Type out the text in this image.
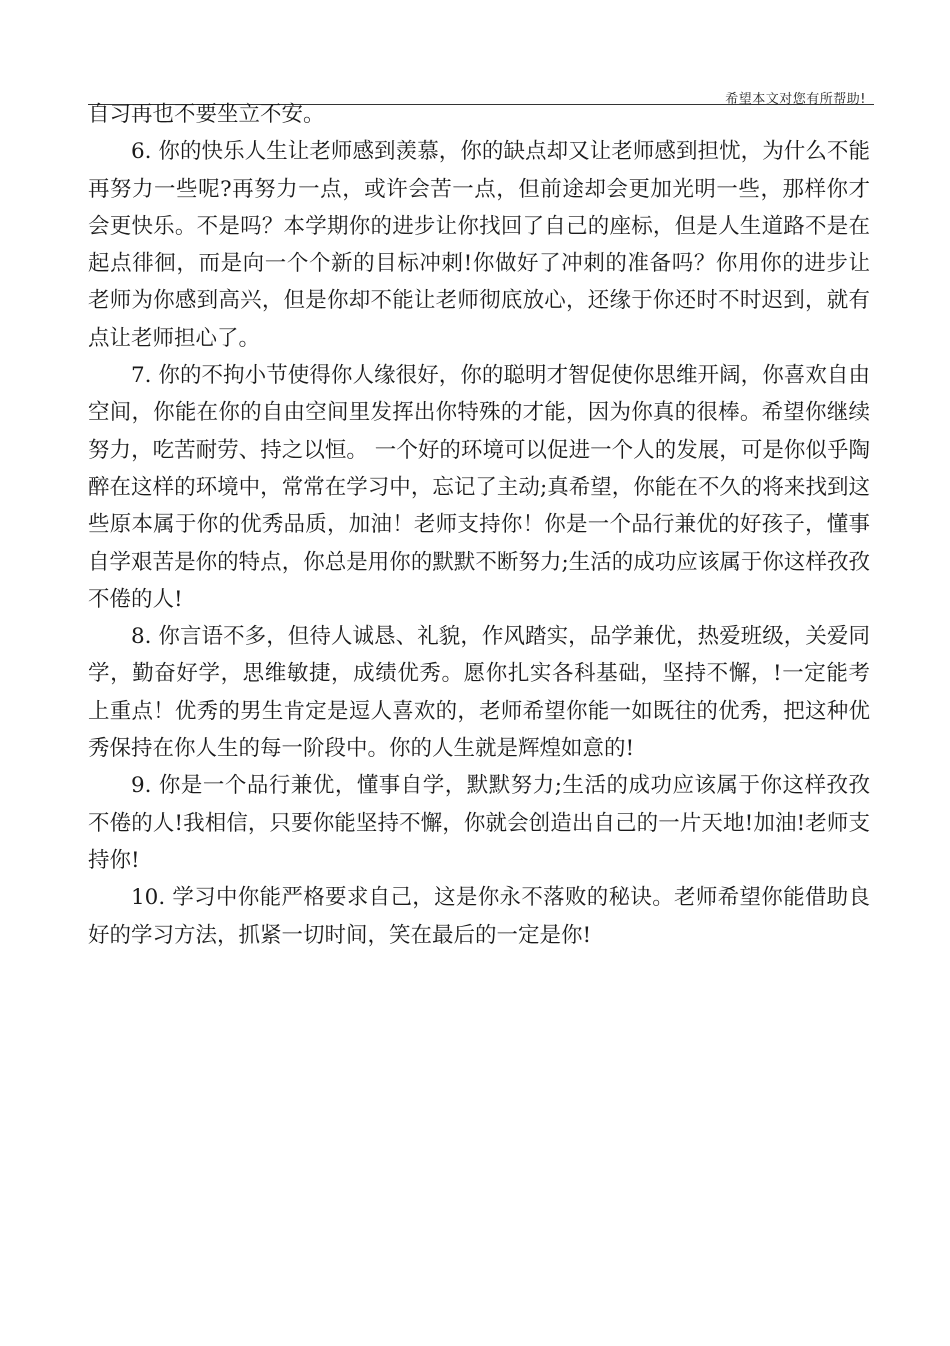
希望本文对您有所帮助!

自习再也不要坐立不安。

6. 你的快乐人生让老师感到羡慕，你的缺点却又让老师感到担忧，为什么不能再努力一些呢?再努力一点，或许会苦一点，但前途却会更加光明一些，那样你才会更快乐。不是吗？本学期你的进步让你找回了自己的座标，但是人生道路不是在起点徘徊，而是向一个个新的目标冲刺!你做好了冲刺的准备吗？你用你的进步让老师为你感到高兴，但是你却不能让老师彻底放心，还缘于你还时不时迟到，就有点让老师担心了。

7. 你的不拘小节使得你人缘很好，你的聪明才智促使你思维开阔，你喜欢自由空间，你能在你的自由空间里发挥出你特殊的才能，因为你真的很棒。希望你继续努力，吃苦耐劳、持之以恒。 一个好的环境可以促进一个人的发展，可是你似乎陶醉在这样的环境中，常常在学习中，忘记了主动;真希望，你能在不久的将来找到这些原本属于你的优秀品质，加油！老师支持你！你是一个品行兼优的好孩子，懂事自学艰苦是你的特点，你总是用你的默默不断努力;生活的成功应该属于你这样孜孜不倦的人!

8. 你言语不多，但待人诚恳、礼貌，作风踏实，品学兼优，热爱班级，关爱同学，勤奋好学，思维敏捷，成绩优秀。愿你扎实各科基础，坚持不懈，!一定能考上重点！优秀的男生肯定是逗人喜欢的，老师希望你能一如既往的优秀，把这种优秀保持在你人生的每一阶段中。你的人生就是辉煌如意的!

9. 你是一个品行兼优，懂事自学，默默努力;生活的成功应该属于你这样孜孜不倦的人!我相信，只要你能坚持不懈，你就会创造出自己的一片天地!加油!老师支持你!

10. 学习中你能严格要求自己，这是你永不落败的秘诀。老师希望你能借助良好的学习方法，抓紧一切时间，笑在最后的一定是你!
